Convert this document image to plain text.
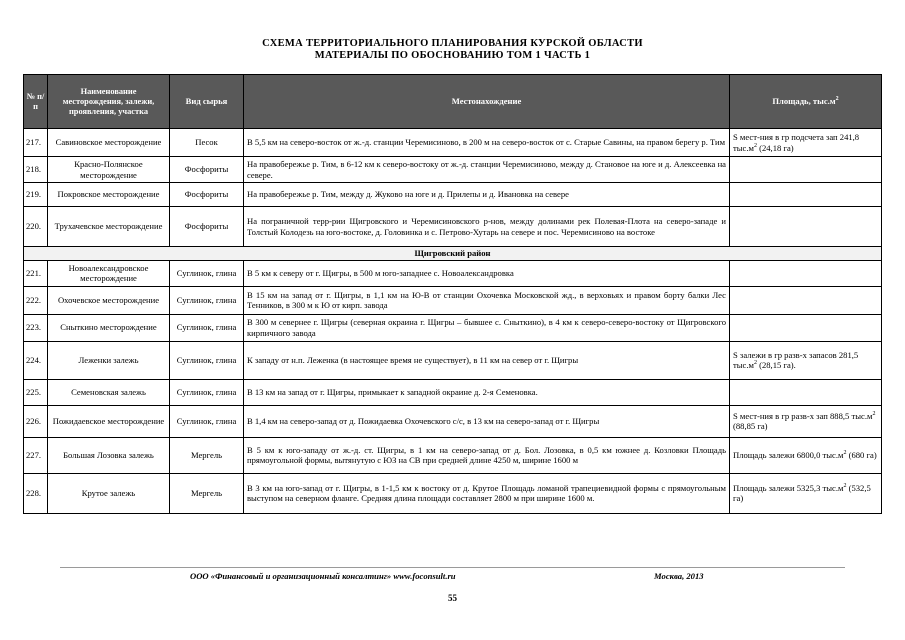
СХЕМА ТЕРРИТОРИАЛЬНОГО ПЛАНИРОВАНИЯ КУРСКОЙ ОБЛАСТИ
МАТЕРИАЛЫ ПО ОБОСНОВАНИЮ ТОМ 1 ЧАСТЬ 1
№ п/ п	Наименование месторождения, залежи, проявления, участка	Вид сырья	Местонахождение	Площадь, $тыс.м^2$
217.	Савиновское месторождение	Песок	В 5,5 км на северо-восток от ж.-д. станции Черемисиново, в 200 м на северо-восток от с. Старые Савины, на правом берегу р. Тим	S мест-ния в гр подсчета зап 241,8 $тыс.м^2$ (24,18 га)
218.	Красно-Полянское месторождение	Фосфориты	На правобережье р. Тим, в 6-12 км к северо-востоку от ж.-д. станции Черемисиново, между д. Становое на юге и д. Алексеевка на севере.	
219.	Покровское месторождение	Фосфориты	На правобережье р. Тим, между д. Жуково на юге и д. Прилепы и д. Ивановка на севере	
220.	Трухачевское месторождение	Фосфориты	На пограничной терр-рии Щигровского и Черемисиновского р-нов, между долинами рек Полевая-Плота на северо-западе и Толстый Колодезь на юго-востоке, д. Головинка и с. Петрово-Хутарь на севере и пос. Черемисиново на востоке	
Щигровский район				
221.	Новоалександровское месторождение	Суглинок, глина	В 5 км к северу от г. Щигры, в 500 м юго-западнее с. Новоалександровка	
222.	Охочевское месторождение	Суглинок, глина	В 15 км на запад от г. Щигры, в 1,1 км на Ю-В от станции Охочевка Московской жд., в верховьях и правом борту балки Лес Тенников, в 300 м к Ю от кирп. завода	
223.	Сныткино месторождение	Суглинок, глина	В 300 м севернее г. Щигры (северная окраина г. Щигры – бывшее с. Сныткино), в 4 км к северо-северо-востоку от Щигровского кирпичного завода	
224.	Леженки залежь	Суглинок, глина	К западу от н.п. Леженка (в настоящее время не существует), в 11 км на север от г. Щигры	S залежи в гр разв-х запасов 281,5 $тыс.м^2$ (28,15 га).
225.	Семеновская залежь	Суглинок, глина	В 13 км на запад от г. Щигры, примыкает к западной окраине д. 2-я Семеновка.	
226.	Пожидаевское месторождение	Суглинок, глина	В 1,4 км на северо-запад от д. Пожидаевка Охочевского с/с, в 13 км на северо-запад от г. Щигры	S мест-ния в гр разв-х зап 888,5 $тыс.м^2$ (88,85 га)
227.	Большая Лозовка залежь	Мергель	В 5 км к юго-западу от ж.-д. ст. Щигры, в 1 км на северо-запад от д. Бол. Лозовка, в 0,5 км южнее д. Козловки Площадь прямоугольной формы, вытянутую с ЮЗ на СВ при средней длине 4250 м, ширине 1600 м	Площадь залежи 6800,0 $тыс.м^2$ (680 га)
228.	Крутое залежь	Мергель	В 3 км на юго-запад от г. Щигры, в 1-1,5 км к востоку от д. Крутое Площадь ломаной трапециевидной формы с прямоугольным выступом на северном фланге. Средняя длина площади составляет 2800 м при ширине 1600 м.	Площадь залежи 5325,3 $тыс.м^2$ (532,5 га)
ООО «Финансовый и организационный консалтинг» www.foconsult.ru	Москва, 2013
55
